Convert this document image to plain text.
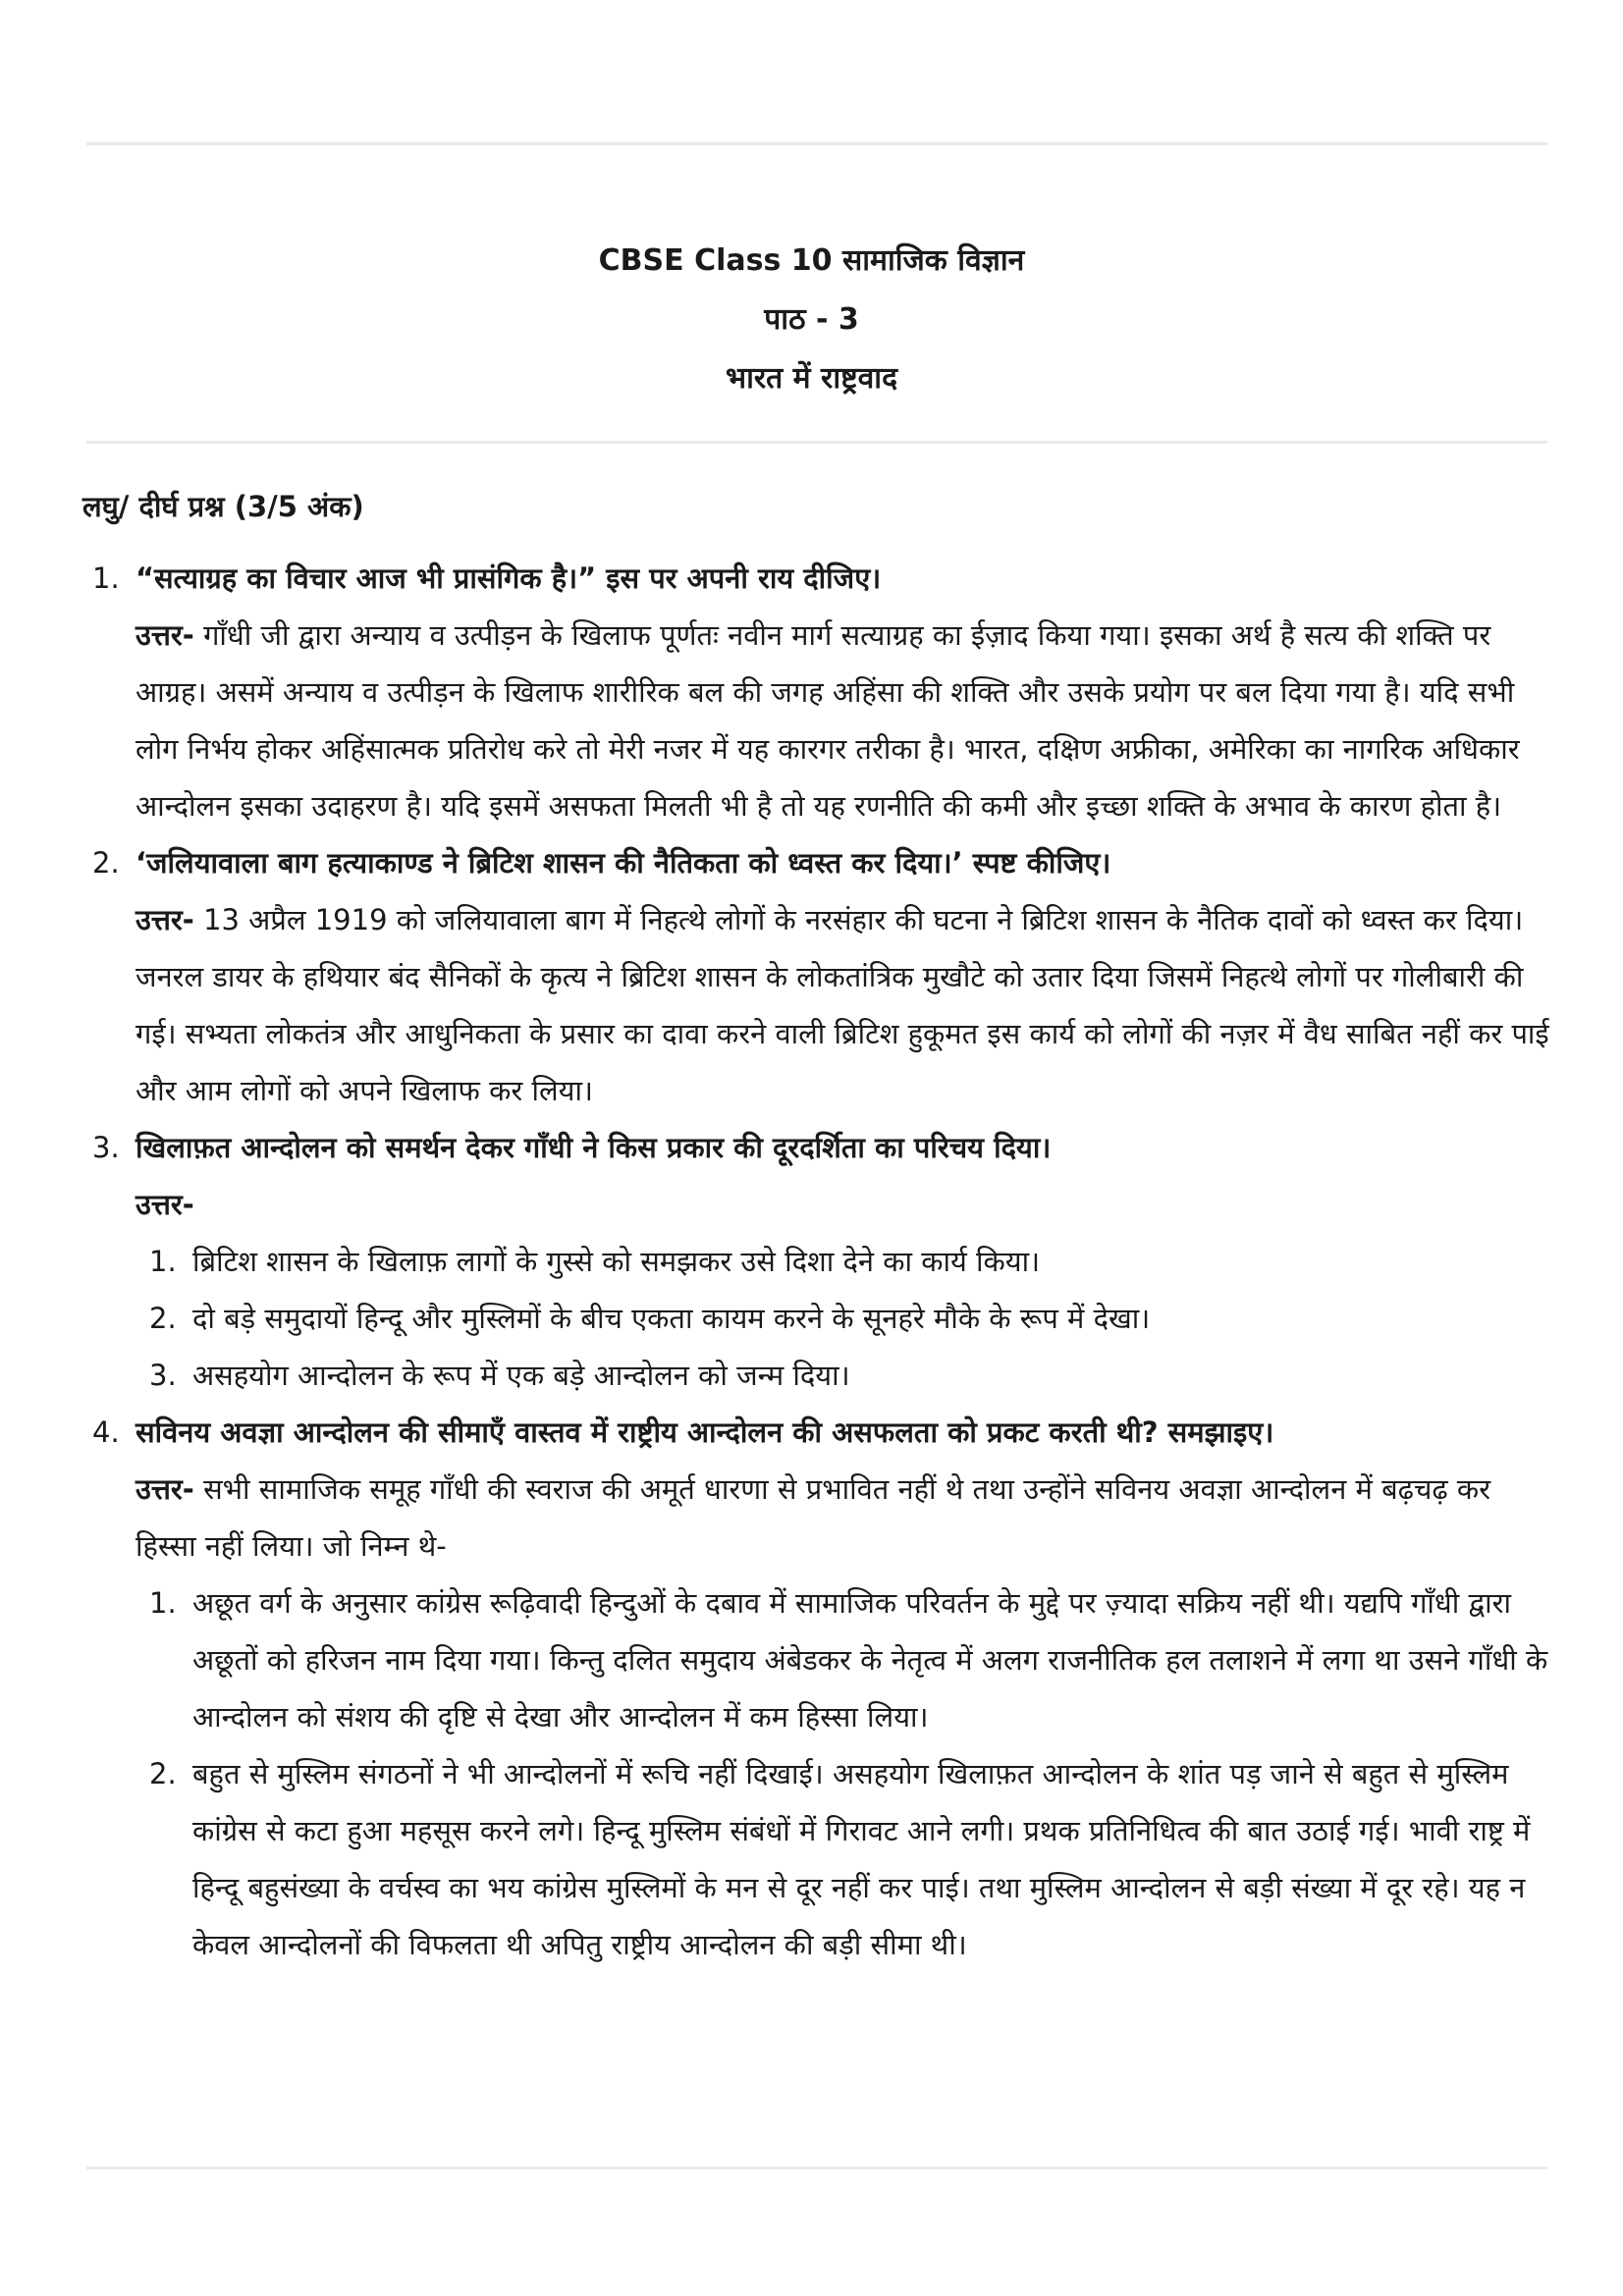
CBSE Class 10 सामाजिक विज्ञान
पाठ - 3
भारत में राष्ट्रवाद
लघु/ दीर्घ प्रश्न (3/5 अंक)
1. “सत्याग्रह का विचार आज भी प्रासंगिक है।” इस पर अपनी राय दीजिए।
उत्तर- गाँधी जी द्वारा अन्याय व उत्पीड़न के खिलाफ पूर्णतः नवीन मार्ग सत्याग्रह का ईज़ाद किया गया। इसका अर्थ है सत्य की शक्ति पर आग्रह। असमें अन्याय व उत्पीड़न के खिलाफ शारीरिक बल की जगह अहिंसा की शक्ति और उसके प्रयोग पर बल दिया गया है। यदि सभी लोग निर्भय होकर अहिंसात्मक प्रतिरोध करे तो मेरी नजर में यह कारगर तरीका है। भारत, दक्षिण अफ्रीका, अमेरिका का नागरिक अधिकार आन्दोलन इसका उदाहरण है। यदि इसमें असफता मिलती भी है तो यह रणनीति की कमी और इच्छा शक्ति के अभाव के कारण होता है।
2. ‘जलियावाला बाग हत्याकाण्ड ने ब्रिटिश शासन की नैतिकता को ध्वस्त कर दिया।’ स्पष्ट कीजिए।
उत्तर- 13 अप्रैल 1919 को जलियावाला बाग में निहत्थे लोगों के नरसंहार की घटना ने ब्रिटिश शासन के नैतिक दावों को ध्वस्त कर दिया। जनरल डायर के हथियार बंद सैनिकों के कृत्य ने ब्रिटिश शासन के लोकतांत्रिक मुखौटे को उतार दिया जिसमें निहत्थे लोगों पर गोलीबारी की गई। सभ्यता लोकतंत्र और आधुनिकता के प्रसार का दावा करने वाली ब्रिटिश हुकूमत इस कार्य को लोगों की नज़र में वैध साबित नहीं कर पाई और आम लोगों को अपने खिलाफ कर लिया।
3. खिलाफ़त आन्दोलन को समर्थन देकर गाँधी ने किस प्रकार की दूरदर्शिता का परिचय दिया।
उत्तर-
1. ब्रिटिश शासन के खिलाफ़ लागों के गुस्से को समझकर उसे दिशा देने का कार्य किया।
2. दो बड़े समुदायों हिन्दू और मुस्लिमों के बीच एकता कायम करने के सूनहरे मौके के रूप में देखा।
3. असहयोग आन्दोलन के रूप में एक बड़े आन्दोलन को जन्म दिया।
4. सविनय अवज्ञा आन्दोलन की सीमाएँ वास्तव में राष्ट्रीय आन्दोलन की असफलता को प्रकट करती थी? समझाइए।
उत्तर- सभी सामाजिक समूह गाँधी की स्वराज की अमूर्त धारणा से प्रभावित नहीं थे तथा उन्होंने सविनय अवज्ञा आन्दोलन में बढ़चढ़ कर हिस्सा नहीं लिया। जो निम्न थे-
1. अछूत वर्ग के अनुसार कांग्रेस रूढ़िवादी हिन्दुओं के दबाव में सामाजिक परिवर्तन के मुद्दे पर ज़्यादा सक्रिय नहीं थी। यद्यपि गाँधी द्वारा अछूतों को हरिजन नाम दिया गया। किन्तु दलित समुदाय अंबेडकर के नेतृत्व में अलग राजनीतिक हल तलाशने में लगा था उसने गाँधी के आन्दोलन को संशय की दृष्टि से देखा और आन्दोलन में कम हिस्सा लिया।
2. बहुत से मुस्लिम संगठनों ने भी आन्दोलनों में रूचि नहीं दिखाई। असहयोग खिलाफ़त आन्दोलन के शांत पड़ जाने से बहुत से मुस्लिम कांग्रेस से कटा हुआ महसूस करने लगे। हिन्दू मुस्लिम संबंधों में गिरावट आने लगी। प्रथक प्रतिनिधित्व की बात उठाई गई। भावी राष्ट्र में हिन्दू बहुसंख्या के वर्चस्व का भय कांग्रेस मुस्लिमों के मन से दूर नहीं कर पाई। तथा मुस्लिम आन्दोलन से बड़ी संख्या में दूर रहे। यह न केवल आन्दोलनों की विफलता थी अपितु राष्ट्रीय आन्दोलन की बड़ी सीमा थी।
